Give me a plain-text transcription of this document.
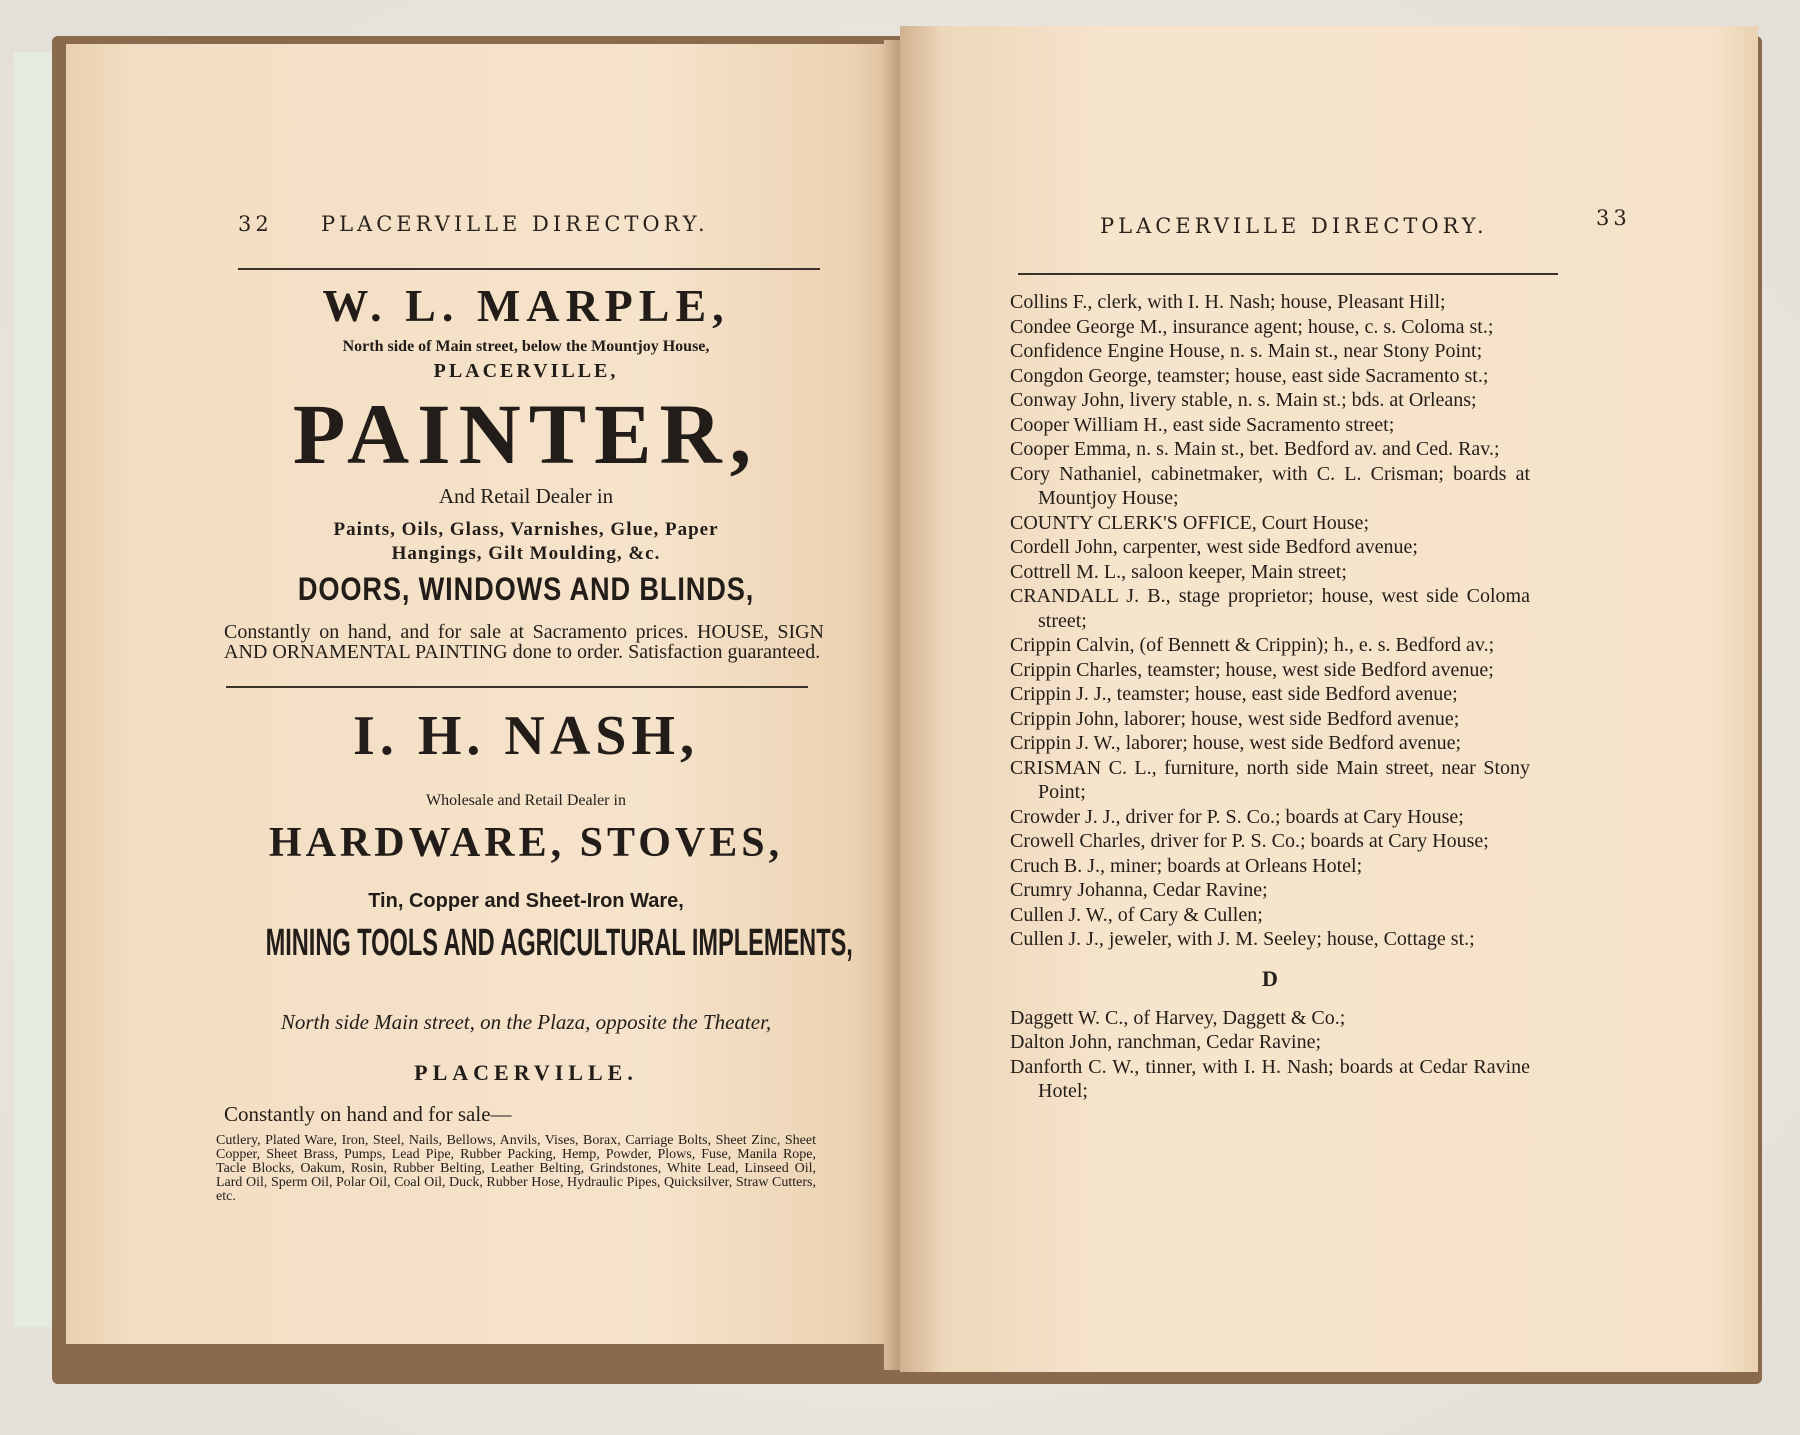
32 PLACERVILLE DIRECTORY.
W. L. MARPLE,
North side of Main street, below the Mountjoy House,
PLACERVILLE,
PAINTER,
And Retail Dealer in
Paints, Oils, Glass, Varnishes, Glue, Paper
Hangings, Gilt Moulding, &c.
DOORS, WINDOWS AND BLINDS,
Constantly on hand, and for sale at Sacramento prices. HOUSE, SIGN AND ORNAMENTAL PAINTING done to order. Satisfaction guaranteed.
I. H. NASH,
Wholesale and Retail Dealer in
HARDWARE, STOVES,
Tin, Copper and Sheet-Iron Ware,
MINING TOOLS AND AGRICULTURAL IMPLEMENTS,
North side Main street, on the Plaza, opposite the Theater,
PLACERVILLE.
Constantly on hand and for sale—
Cutlery, Plated Ware, Iron, Steel, Nails, Bellows, Anvils, Vises, Borax, Carriage Bolts, Sheet Zinc, Sheet Copper, Sheet Brass, Pumps, Lead Pipe, Rubber Packing, Hemp, Powder, Plows, Fuse, Manila Rope, Tacle Blocks, Oakum, Rosin, Rubber Belting, Leather Belting, Grindstones, White Lead, Linseed Oil, Lard Oil, Sperm Oil, Polar Oil, Coal Oil, Duck, Rubber Hose, Hydraulic Pipes, Quicksilver, Straw Cutters, etc.
PLACERVILLE DIRECTORY.	33
Collins F., clerk, with I. H. Nash; house, Pleasant Hill;
Condee George M., insurance agent; house, c. s. Coloma st.;
Confidence Engine House, n. s. Main st., near Stony Point;
Congdon George, teamster; house, east side Sacramento st.;
Conway John, livery stable, n. s. Main st.; bds. at Orleans;
Cooper William H., east side Sacramento street;
Cooper Emma, n. s. Main st., bet. Bedford av. and Ced. Rav.;
Cory Nathaniel, cabinetmaker, with C. L. Crisman; boards at Mountjoy House;
COUNTY CLERK'S OFFICE, Court House;
Cordell John, carpenter, west side Bedford avenue;
Cottrell M. L., saloon keeper, Main street;
CRANDALL J. B., stage proprietor; house, west side Coloma street;
Crippin Calvin, (of Bennett & Crippin); h., e. s. Bedford av.;
Crippin Charles, teamster; house, west side Bedford avenue;
Crippin J. J., teamster; house, east side Bedford avenue;
Crippin John, laborer; house, west side Bedford avenue;
Crippin J. W., laborer; house, west side Bedford avenue;
CRISMAN C. L., furniture, north side Main street, near Stony Point;
Crowder J. J., driver for P. S. Co.; boards at Cary House;
Crowell Charles, driver for P. S. Co.; boards at Cary House;
Cruch B. J., miner; boards at Orleans Hotel;
Crumry Johanna, Cedar Ravine;
Cullen J. W., of Cary & Cullen;
Cullen J. J., jeweler, with J. M. Seeley; house, Cottage st.;
D
Daggett W. C., of Harvey, Daggett & Co.;
Dalton John, ranchman, Cedar Ravine;
Danforth C. W., tinner, with I. H. Nash; boards at Cedar Ravine Hotel;
